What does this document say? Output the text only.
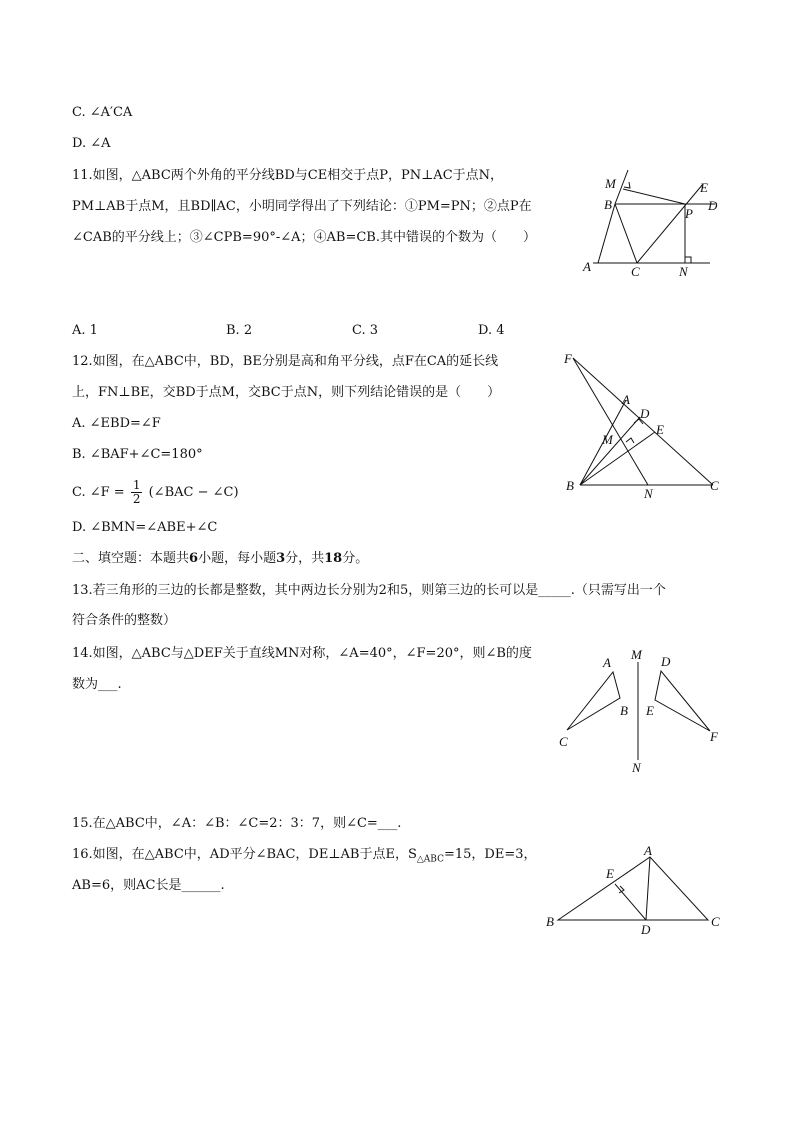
C. ∠A′CA
D. ∠A
11.如图，△ABC两个外角的平分线BD与CE相交于点P，PN⊥AC于点N，
PM⊥AB于点M，且BD∥AC，小明同学得出了下列结论：①PM=PN；②点P在
∠CAB的平分线上；③∠CPB=90°-∠A；④AB=CB.其中错误的个数为（　　）
A. 1	B. 2	C. 3	D. 4
M
B
P
E
D
A	C	N
12.如图，在△ABC中，BD，BE分别是高和角平分线，点F在CA的延长线
上，FN⊥BE，交BD于点M，交BC于点N，则下列结论错误的是（　　）
A. ∠EBD=∠F
B. ∠BAF+∠C=180°
C. ∠F = $\frac{1}{2}$ (∠BAC − ∠C)
D. ∠BMN=∠ABE+∠C
F
A
D
E
M
B
N
C
二、填空题：本题共6小题，每小题3分，共18分。
13.若三角形的三边的长都是整数，其中两边长分别为2和5，则第三边的长可以是_____.（只需写出一个
符合条件的整数）
14.如图，△ABC与△DEF关于直线MN对称，∠A=40°，∠F=20°，则∠B的度
数为___.
A
B
C
M
N
D
E
F
15.在△ABC中，∠A：∠B：∠C=2：3：7，则∠C=___.
16.如图，在△ABC中，AD平分∠BAC，DE⊥AB于点E，$S_{\triangle ABC}=15$，DE=3，
AB=6，则AC长是______.
A
E
B
D
C
